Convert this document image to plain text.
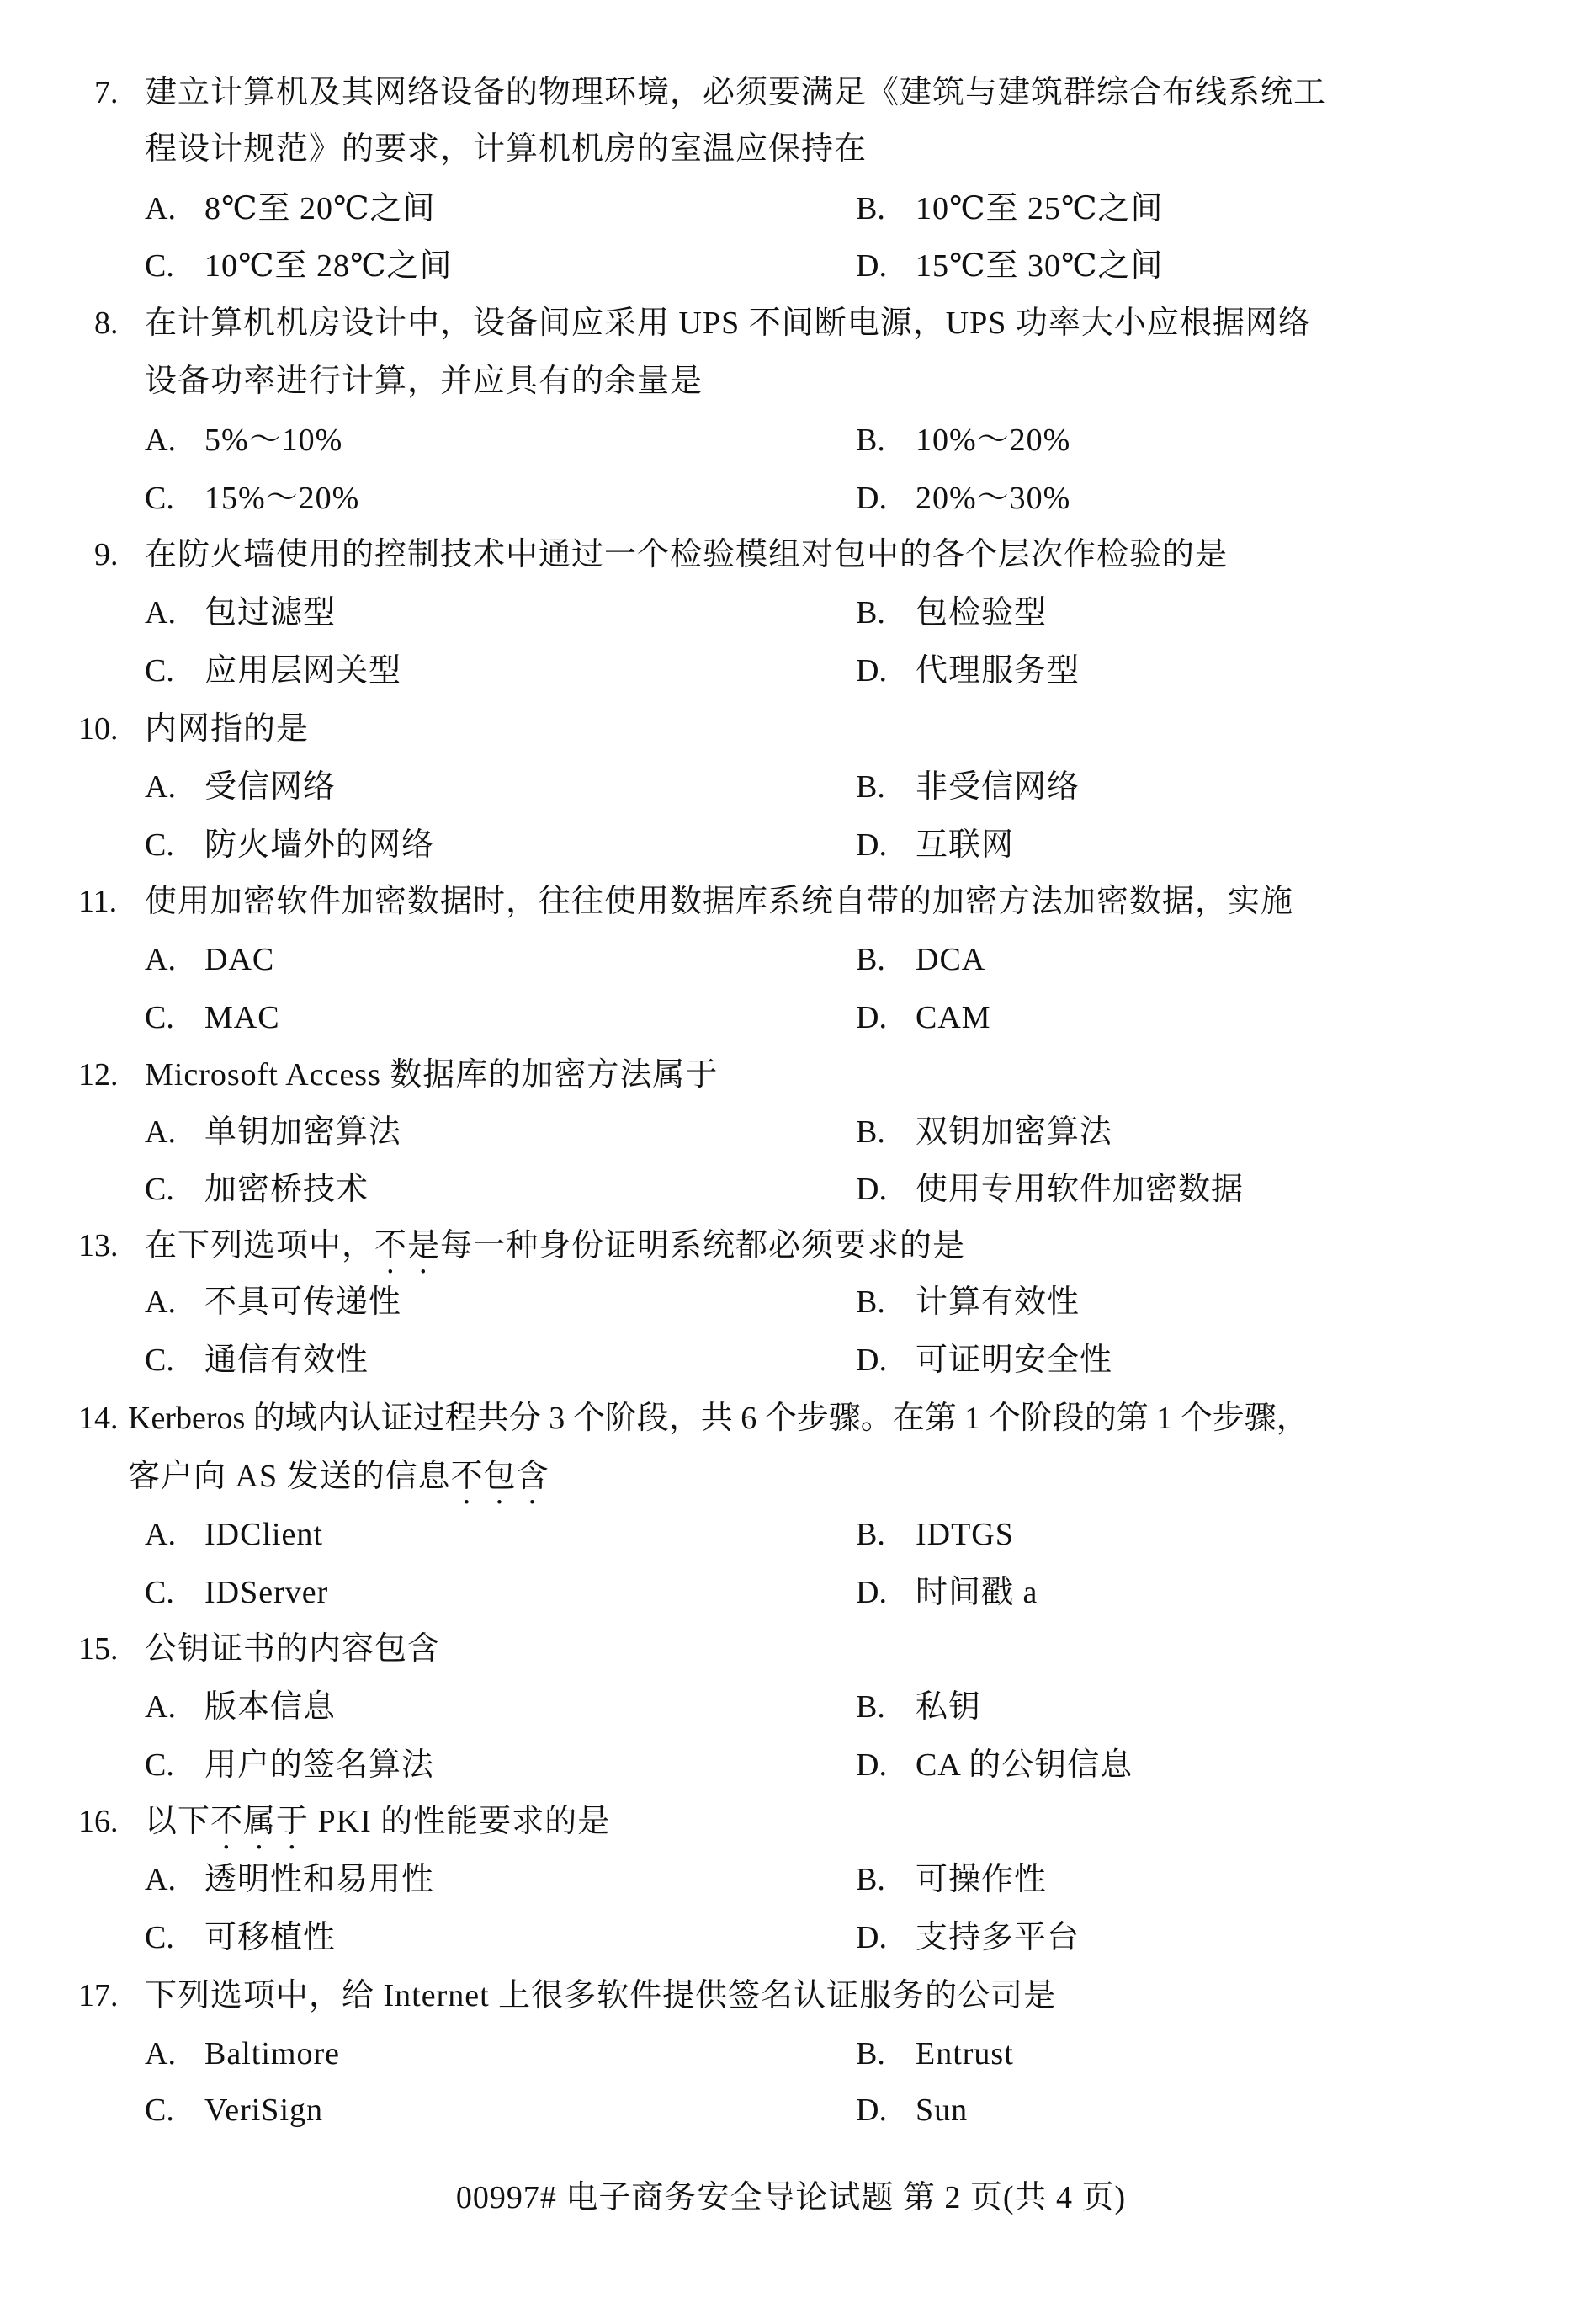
7. 建立计算机及其网络设备的物理环境，必须要满足《建筑与建筑群综合布线系统工
程设计规范》的要求，计算机机房的室温应保持在
A. 8℃至 20℃之间	B. 10℃至 25℃之间
C. 10℃至 28℃之间	D. 15℃至 30℃之间
8. 在计算机机房设计中，设备间应采用 UPS 不间断电源，UPS 功率大小应根据网络
设备功率进行计算，并应具有的余量是
A. 5%～10%	B. 10%～20%
C. 15%～20%	D. 20%～30%
9. 在防火墙使用的控制技术中通过一个检验模组对包中的各个层次作检验的是
A. 包过滤型	B. 包检验型
C. 应用层网关型	D. 代理服务型
10. 内网指的是
A. 受信网络	B. 非受信网络
C. 防火墙外的网络	D. 互联网
11. 使用加密软件加密数据时，往往使用数据库系统自带的加密方法加密数据，实施
A. DAC	B. DCA
C. MAC	D. CAM
12. Microsoft Access 数据库的加密方法属于
A. 单钥加密算法	B. 双钥加密算法
C. 加密桥技术	D. 使用专用软件加密数据
13. 在下列选项中，不是每一种身份证明系统都必须要求的是
A. 不具可传递性	B. 计算有效性
C. 通信有效性	D. 可证明安全性
14. Kerberos 的域内认证过程共分 3 个阶段，共 6 个步骤。在第 1 个阶段的第 1 个步骤，
客户向 AS 发送的信息不包含
A. IDClient	B. IDTGS
C. IDServer	D. 时间戳 a
15. 公钥证书的内容包含
A. 版本信息	B. 私钥
C. 用户的签名算法	D. CA 的公钥信息
16. 以下不属于 PKI 的性能要求的是
A. 透明性和易用性	B. 可操作性
C. 可移植性	D. 支持多平台
17. 下列选项中，给 Internet 上很多软件提供签名认证服务的公司是
A. Baltimore	B. Entrust
C. VeriSign	D. Sun
00997# 电子商务安全导论试题 第 2 页(共 4 页)
